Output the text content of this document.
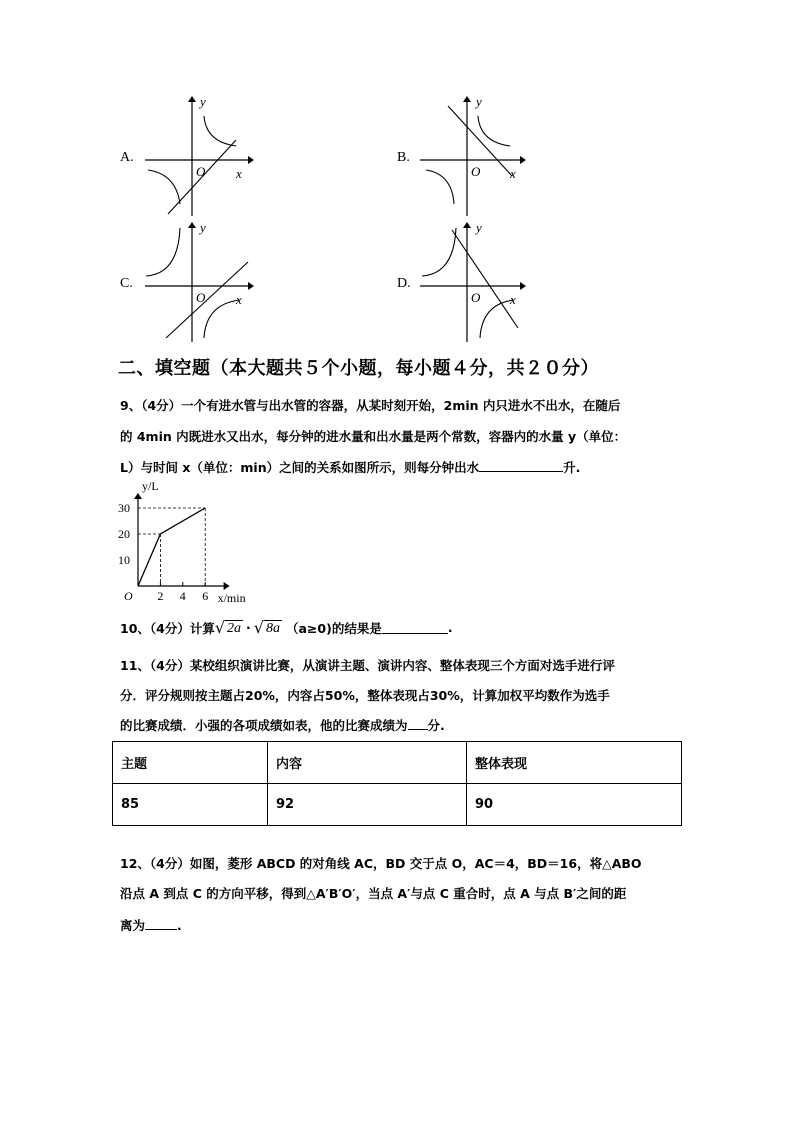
A.
O x
y
B.
O x
y
C.
O x
y
D.
O x
y
二、填空题（本大题共５个小题，每小题４分，共２０分）
9、（4分）一个有进水管与出水管的容器，从某时刻开始，2min 内只进水不出水，在随后
的 4min 内既进水又出水，每分钟的进水量和出水量是两个常数，容器内的水量 y（单位：
L）与时间 x（单位：min）之间的关系如图所示，则每分钟出水	升.
2 4 6
30
20
10
O
y/L
x/min
10、（4分）计算 √ 2a · √ 8a （a≥0)的结果是	.
11、（4分）某校组织演讲比赛，从演讲主题、演讲内容、整体表现三个方面对选手进行评
分．评分规则按主题占20%，内容占50%，整体表现占30%，计算加权平均数作为选手
的比赛成绩．小强的各项成绩如表，他的比赛成绩为 分.
主题	内容	整体表现
85	92	90
12、（4分）如图，菱形 ABCD 的对角线 AC，BD 交于点 O，AC＝4，BD＝16，将△ABO
沿点 A 到点 C 的方向平移，得到△A′B′O′，当点 A′与点 C 重合时，点 A 与点 B′之间的距
离为	.
